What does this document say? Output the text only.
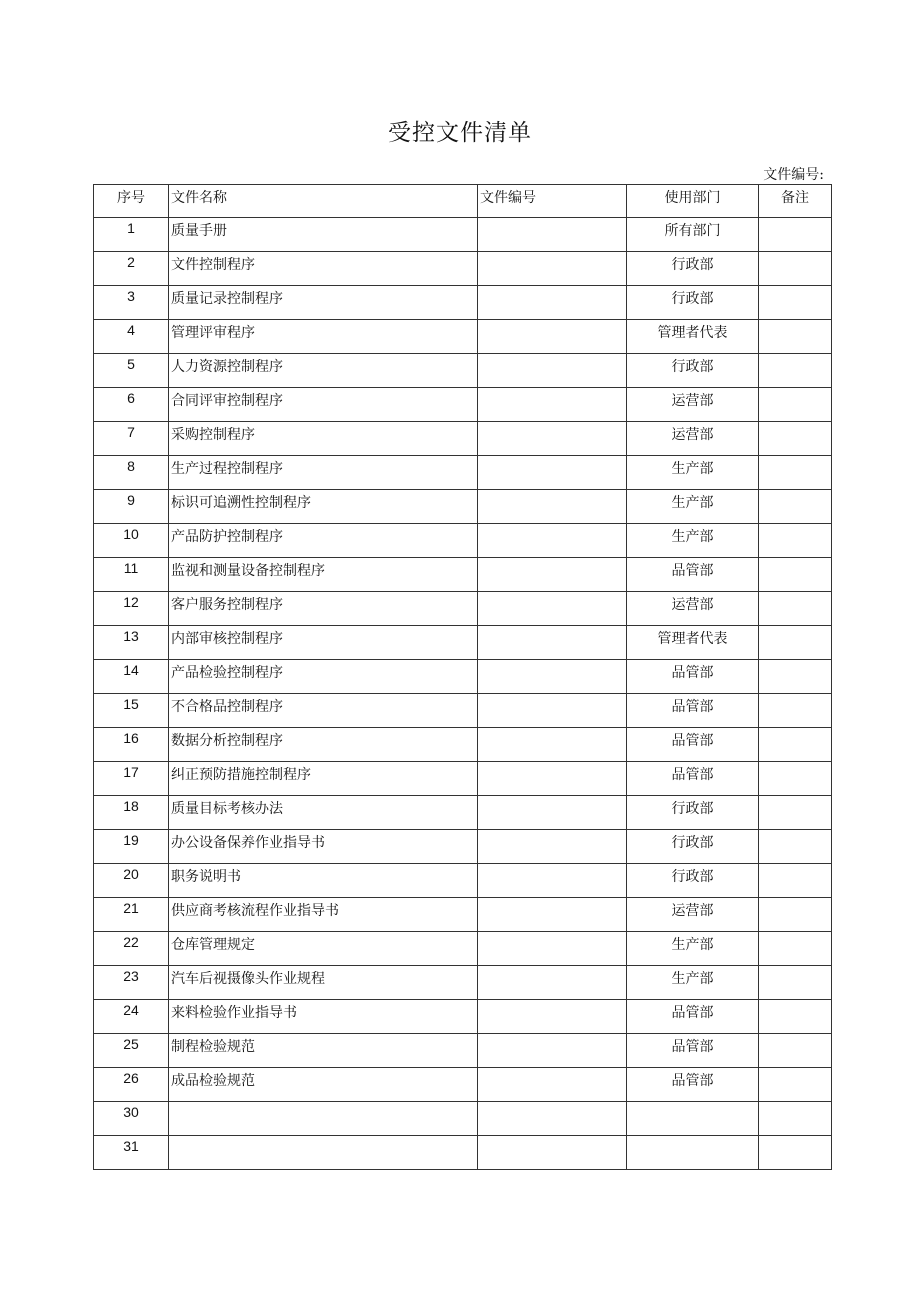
受控文件清单
文件编号:
序号	文件名称	文件编号	使用部门	备注
1	质量手册		所有部门	
2	文件控制程序		行政部	
3	质量记录控制程序		行政部	
4	管理评审程序		管理者代表	
5	人力资源控制程序		行政部	
6	合同评审控制程序		运营部	
7	采购控制程序		运营部	
8	生产过程控制程序		生产部	
9	标识可追溯性控制程序		生产部	
10	产品防护控制程序		生产部	
11	监视和测量设备控制程序		品管部	
12	客户服务控制程序		运营部	
13	内部审核控制程序		管理者代表	
14	产品检验控制程序		品管部	
15	不合格品控制程序		品管部	
16	数据分析控制程序		品管部	
17	纠正预防措施控制程序		品管部	
18	质量目标考核办法		行政部	
19	办公设备保养作业指导书		行政部	
20	职务说明书		行政部	
21	供应商考核流程作业指导书		运营部	
22	仓库管理规定		生产部	
23	汽车后视摄像头作业规程		生产部	
24	来料检验作业指导书		品管部	
25	制程检验规范		品管部	
26	成品检验规范		品管部	
30				
31				
